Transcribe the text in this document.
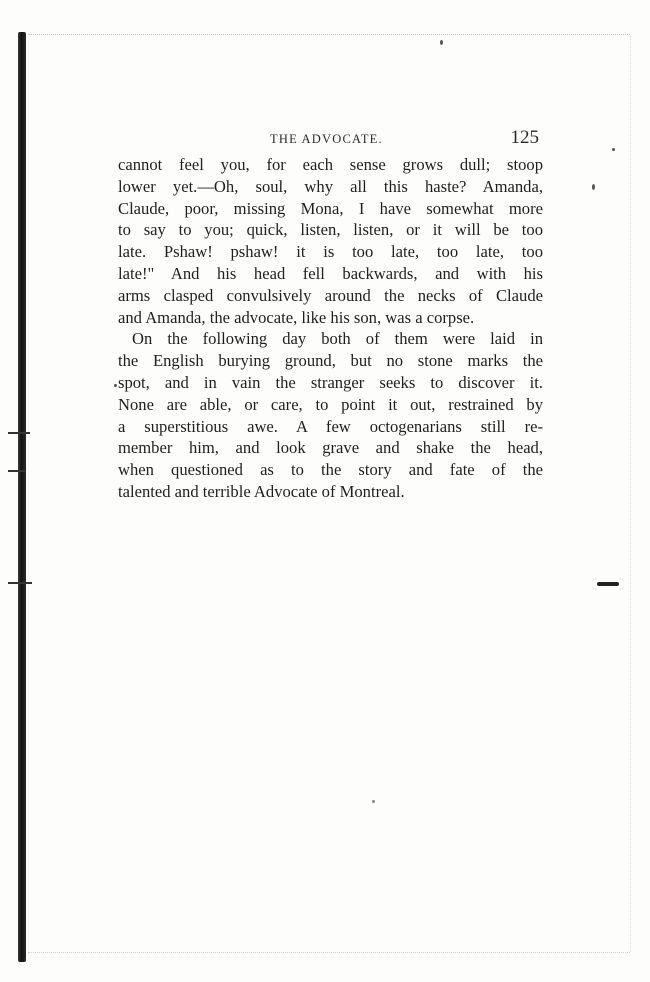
THE ADVOCATE.	125
cannot feel you, for each sense grows dull; stoop
lower yet.—Oh, soul, why all this haste? Amanda,
Claude, poor, missing Mona, I have somewhat more
to say to you; quick, listen, listen, or it will be too
late. Pshaw! pshaw! it is too late, too late, too
late!" And his head fell backwards, and with his
arms clasped convulsively around the necks of Claude
and Amanda, the advocate, like his son, was a corpse.
On the following day both of them were laid in
the English burying ground, but no stone marks the
spot, and in vain the stranger seeks to discover it.
None are able, or care, to point it out, restrained by
a superstitious awe. A few octogenarians still re-
member him, and look grave and shake the head,
when questioned as to the story and fate of the
talented and terrible Advocate of Montreal.
